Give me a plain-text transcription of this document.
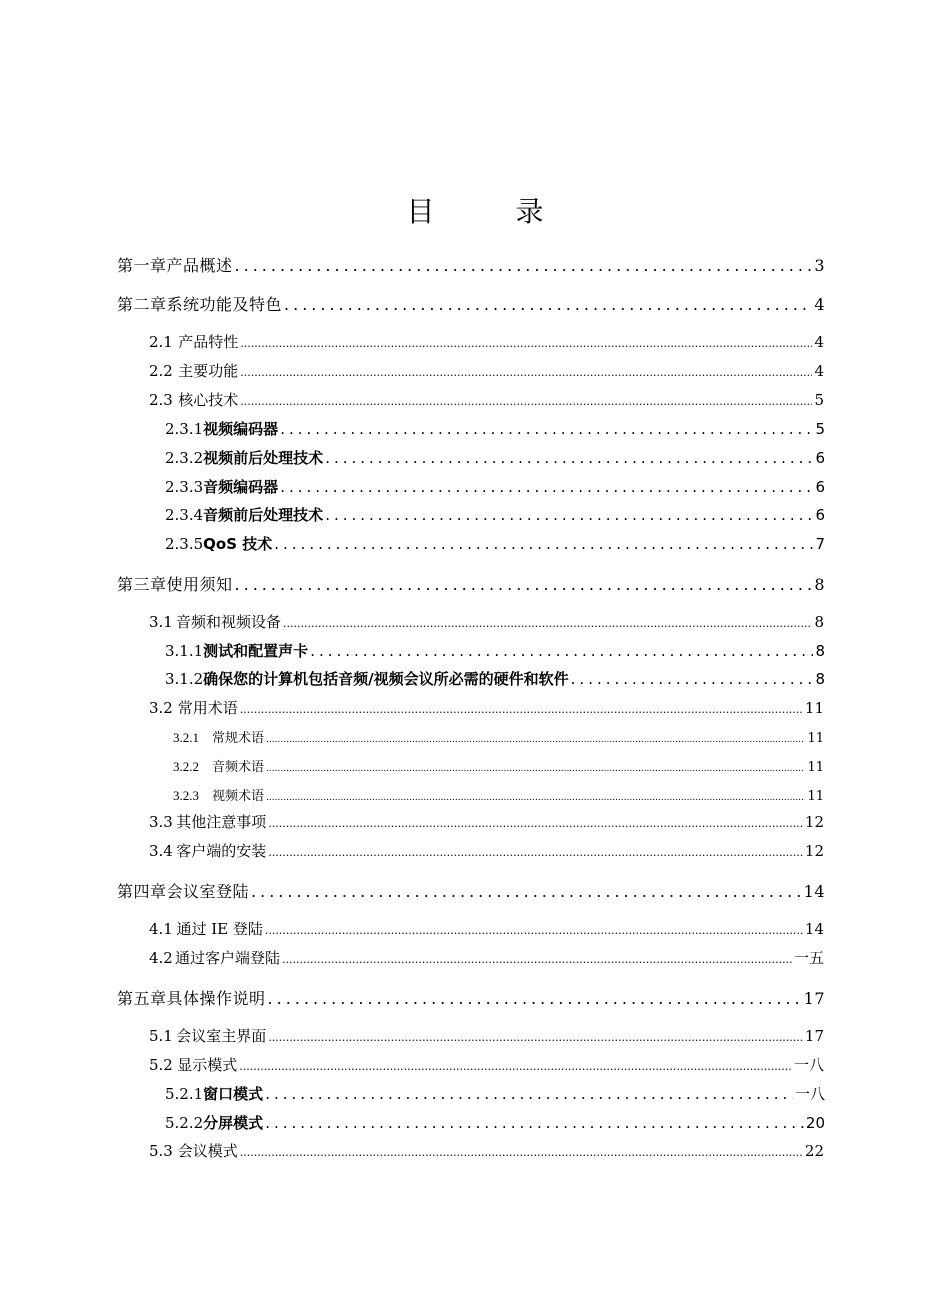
目 录
第一章 产品概述 .....	3
第二章 系统功能及特色 .....	4
2.1 产品特性 .....	4
2.2 主要功能 .....	4
2.3 核心技术 .....	5
2.3.1 视频编码器 .....	5
2.3.2 视频前后处理技术 .....	6
2.3.3 音频编码器 .....	6
2.3.4 音频前后处理技术 .....	6
2.3.5 QoS 技术 .....	7
第三章 使用须知 .....	8
3.1 音频和视频设备 .....	8
3.1.1 测试和配置声卡 .....	8
3.1.2 确保您的计算机包括音频/视频会议所必需的硬件和软件 .....	8
3.2 常用术语 .....	11
3.2.1	常规术语 .....	11
3.2.2	音频术语 .....	11
3.2.3	视频术语 .....	11
3.3 其他注意事项 .....	12
3.4 客户端的安装 .....	12
第四章 会议室登陆 .....	14
4.1 通过 IE 登陆 .....	14
4.2 通过客户端登陆 .....	一五
第五章 具体操作说明 .....	17
5.1 会议室主界面 .....	17
5.2 显示模式 .....	一八
5.2.1 窗口模式 .....	一八
5.2.2 分屏模式 .....	20
5.3 会议模式 .....	22
